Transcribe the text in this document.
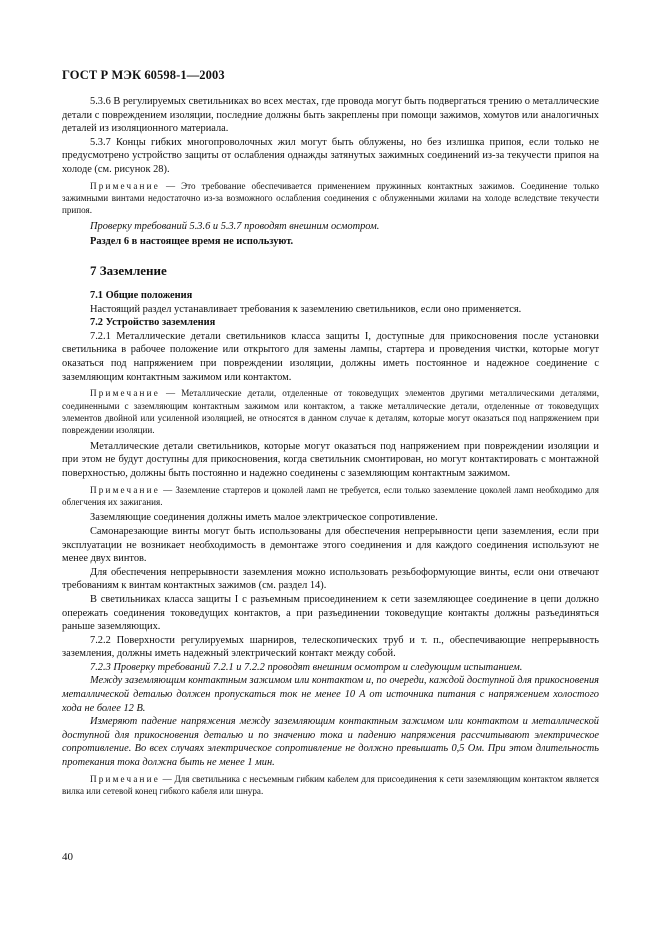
ГОСТ Р МЭК 60598-1—2003

5.3.6 В регулируемых светильниках во всех местах, где провода могут быть подвергаться трению о металлические детали с повреждением изоляции, последние должны быть закреплены при помощи зажимов, хомутов или аналогичных деталей из изоляционного материала.

5.3.7 Концы гибких многопроволочных жил могут быть облужены, но без излишка припоя, если только не предусмотрено устройство защиты от ослабления однажды затянутых зажимных соединений из-за текучести припоя на холоде (см. рисунок 28).

Примечание — Это требование обеспечивается применением пружинных контактных зажимов. Соединение только зажимными винтами недостаточно из-за возможного ослабления соединения с облуженными жилами на холоде вследствие текучести припоя.

Проверку требований 5.3.6 и 5.3.7 проводят внешним осмотром.

Раздел 6 в настоящее время не используют.

7 Заземление

7.1 Общие положения

Настоящий раздел устанавливает требования к заземлению светильников, если оно применяется.

7.2 Устройство заземления

7.2.1 Металлические детали светильников класса защиты I, доступные для прикосновения после установки светильника в рабочее положение или открытого для замены лампы, стартера и проведения чистки, которые могут оказаться под напряжением при повреждении изоляции, должны иметь постоянное и надежное соединение с заземляющим контактным зажимом или контактом.

Примечание — Металлические детали, отделенные от токоведущих элементов другими металлическими деталями, соединенными с заземляющим контактным зажимом или контактом, а также металлические детали, отделенные от токоведущих элементов двойной или усиленной изоляцией, не относятся в данном случае к деталям, которые могут оказаться под напряжением при повреждении изоляции.

Металлические детали светильников, которые могут оказаться под напряжением при повреждении изоляции и при этом не будут доступны для прикосновения, когда светильник смонтирован, но могут контактировать с монтажной поверхностью, должны быть постоянно и надежно соединены с заземляющим контактным зажимом.

Примечание — Заземление стартеров и цоколей ламп не требуется, если только заземление цоколей ламп необходимо для облегчения их зажигания.

Заземляющие соединения должны иметь малое электрическое сопротивление.

Самонарезающие винты могут быть использованы для обеспечения непрерывности цепи заземления, если при эксплуатации не возникает необходимость в демонтаже этого соединения и для каждого соединения используют не менее двух винтов.

Для обеспечения непрерывности заземления можно использовать резьбоформующие винты, если они отвечают требованиям к винтам контактных зажимов (см. раздел 14).

В светильниках класса защиты I с разъемным присоединением к сети заземляющее соединение в цепи должно опережать соединения токоведущих контактов, а при разъединении токоведущие контакты должны разъединяться раньше заземляющих.

7.2.2 Поверхности регулируемых шарниров, телескопических труб и т. п., обеспечивающие непрерывность заземления, должны иметь надежный электрический контакт между собой.

7.2.3 Проверку требований 7.2.1 и 7.2.2 проводят внешним осмотром и следующим испытанием.

Между заземляющим контактным зажимом или контактом и, по очереди, каждой доступной для прикосновения металлической деталью должен пропускаться ток не менее 10 А от источника питания с напряжением холостого хода не более 12 В.

Измеряют падение напряжения между заземляющим контактным зажимом или контактом и металлической доступной для прикосновения деталью и по значению тока и падению напряжения рассчитывают электрическое сопротивление. Во всех случаях электрическое сопротивление не должно превышать 0,5 Ом. При этом длительность протекания тока должна быть не менее 1 мин.

Примечание — Для светильника с несъемным гибким кабелем для присоединения к сети заземляющим контактом является вилка или сетевой конец гибкого кабеля или шнура.

40
